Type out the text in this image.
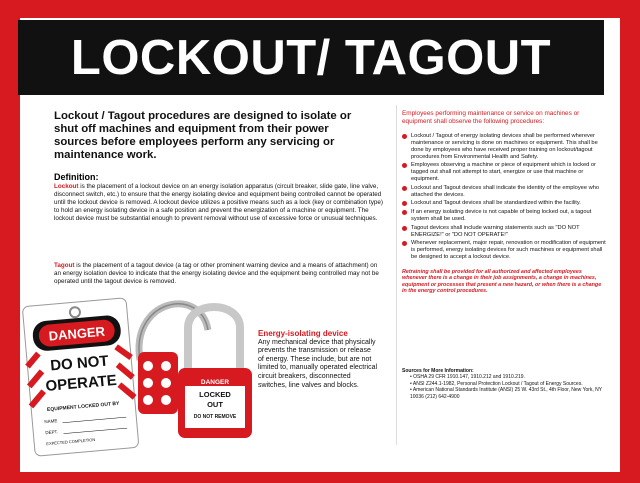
LOCKOUT/ TAGOUT

Lockout / Tagout procedures are designed to isolate or shut off machines and equipment from their power sources before employees perform any servicing or maintenance work.

Definition:

Lockout is the placement of a lockout device on an energy isolation apparatus (circuit breaker, slide gate, line valve, disconnect switch, etc.) to ensure that the energy isolating device and equipment being controlled cannot be operated until the lockout device is removed. A lockout device utilizes a positive means such as a lock (key or combination type) to hold an energy isolating device in a safe position and prevent the energization of a machine or equipment. The lockout device must be substantial enough to prevent removal without use of excessive force or unusual techniques.

Tagout is the placement of a tagout device (a tag or other prominent warning device and a means of attachment) on an energy isolation device to indicate that the energy isolating device and the equipment being controlled may not be operated until the tagout device is removed.
Energy-isolating device
Any mechanical device that physically prevents the transmission or release of energy. These include, but are not limited to, manually operated electrical circuit breakers, disconnected switches, line valves and blocks.
DANGER
LOCKED
OUT
DO NOT REMOVE
DANGER
DO NOT
OPERATE
EQUIPMENT LOCKED OUT BY
NAME
DEPT.
EXPECTED COMPLETION
Employees performing maintenance or service on machines or equipment shall observe the following procedures:
Lockout / Tagout of energy isolating devices shall be performed wherever maintenance or servicing is done on machines or equipment. This shall be done by employees who have received proper training on lockout/tagout procedures from Environmental Health and Safety.
Employees observing a machine or piece of equipment which is locked or tagged out shall not attempt to start, energize or use that machine or equipment.
Lockout and Tagout devices shall indicate the identity of the employee who attached the devices.
Lockout and Tagout devices shall be standardized within the facility.
If an energy isolating device is not capable of being locked out, a tagout system shall be used.
Tagout devices shall include warning statements such as "DO NOT ENERGIZE!" or "DO NOT OPERATE!"
Whenever replacement, major repair, renovation or modification of equipment is performed, energy isolating devices for such machines or equipment shall be designed to accept a lockout device.
Retraining shall be provided for all authorized and affected employees whenever there is a change in their job assignments, a change in machines, equipment or processes that present a new hazard, or when there is a change in the energy control procedures.
Sources for More Information:
• OSHA 29 CFR 1910.147, 1910.212 and 1910.219.
• ANSI Z244.1-1982, Personal Protection Lockout / Tagout of Energy Sources.
• American National Standards Institute (ANSI) 25 W. 43rd St., 4th Floor, New York, NY 10036 (212) 642-4900
